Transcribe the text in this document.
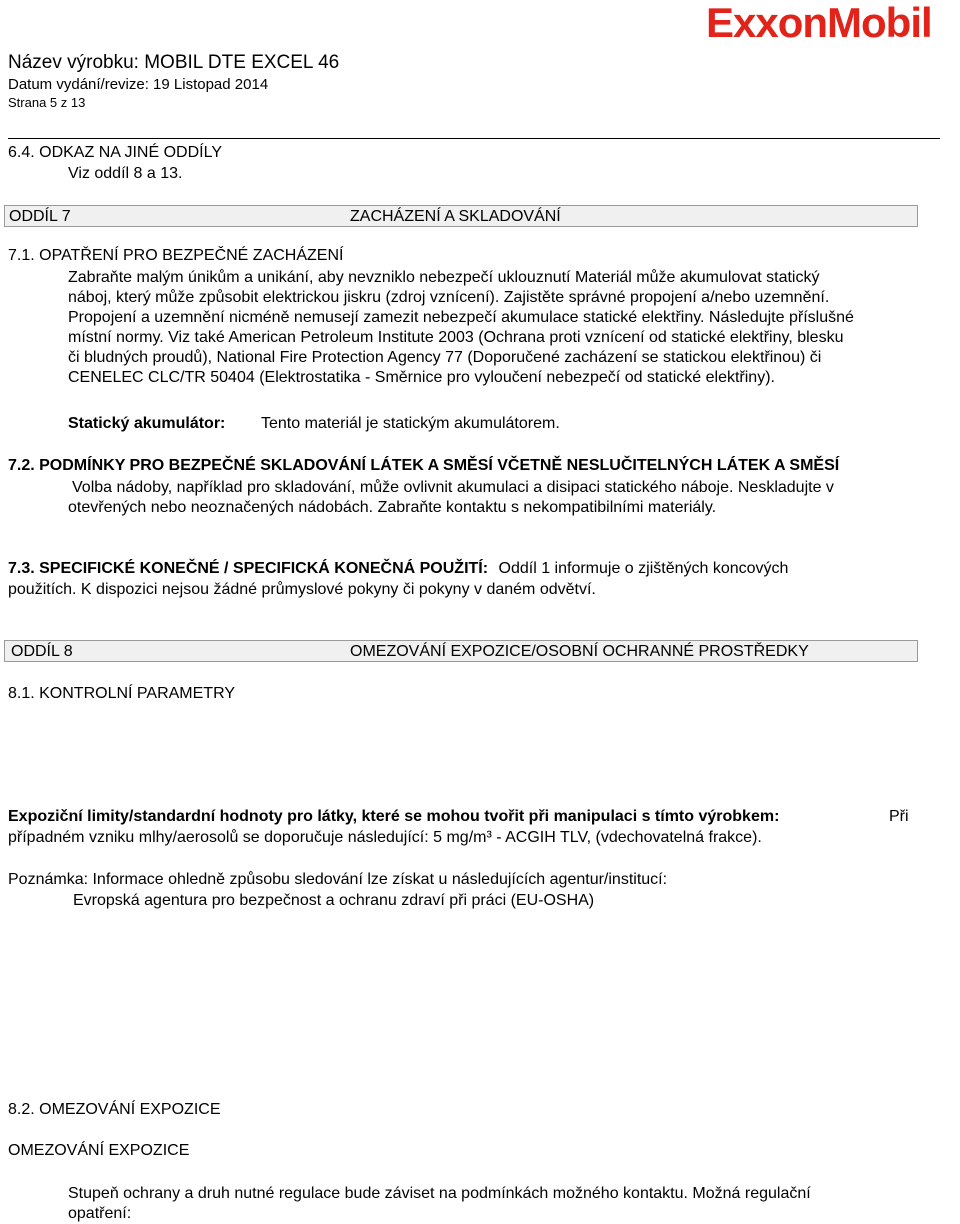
ExxonMobil
Název výrobku: MOBIL DTE EXCEL 46
Datum vydání/revize: 19 Listopad 2014
Strana 5 z 13
6.4. ODKAZ NA JINÉ ODDÍLY
Viz oddíl 8 a 13.
ODDÍL 7	ZACHÁZENÍ A SKLADOVÁNÍ
7.1. OPATŘENÍ PRO BEZPEČNÉ ZACHÁZENÍ

Zabraňte malým únikům a unikání, aby nevzniklo nebezpečí uklouznutí Materiál může akumulovat statický

náboj, který může způsobit elektrickou jiskru (zdroj vznícení). Zajistěte správné propojení a/nebo uzemnění.

Propojení a uzemnění nicméně nemusejí zamezit nebezpečí akumulace statické elektřiny. Následujte příslušné

místní normy. Viz také American Petroleum Institute 2003 (Ochrana proti vznícení od statické elektřiny, blesku

či bludných proudů), National Fire Protection Agency 77 (Doporučené zacházení se statickou elektřinou) či

CENELEC CLC/TR 50404 (Elektrostatika - Směrnice pro vyloučení nebezpečí od statické elektřiny).

Statický akumulátor: Tento materiál je statickým akumulátorem.
7.2. PODMÍNKY PRO BEZPEČNÉ SKLADOVÁNÍ LÁTEK A SMĚSÍ VČETNĚ NESLUČITELNÝCH LÁTEK A SMĚSÍ

Volba nádoby, například pro skladování, může ovlivnit akumulaci a disipaci statického náboje. Neskladujte v

otevřených nebo neoznačených nádobách. Zabraňte kontaktu s nekompatibilními materiály.

7.3. SPECIFICKÉ KONEČNÉ / SPECIFICKÁ KONEČNÁ POUŽITÍ: Oddíl 1 informuje o zjištěných koncových
použitích. K dispozici nejsou žádné průmyslové pokyny či pokyny v daném odvětví.
ODDÍL 8	OMEZOVÁNÍ EXPOZICE/OSOBNÍ OCHRANNÉ PROSTŘEDKY
8.1. KONTROLNÍ PARAMETRY
Expoziční limity/standardní hodnoty pro látky, které se mohou tvořit při manipulaci s tímto výrobkem:	Při
případném vzniku mlhy/aerosolů se doporučuje následující: 5 mg/m³ - ACGIH TLV, (vdechovatelná frakce).
Poznámka: Informace ohledně způsobu sledování lze získat u následujících agentur/institucí:
Evropská agentura pro bezpečnost a ochranu zdraví při práci (EU-OSHA)
8.2. OMEZOVÁNÍ EXPOZICE
OMEZOVÁNÍ EXPOZICE

Stupeň ochrany a druh nutné regulace bude záviset na podmínkách možného kontaktu. Možná regulační

opatření:
